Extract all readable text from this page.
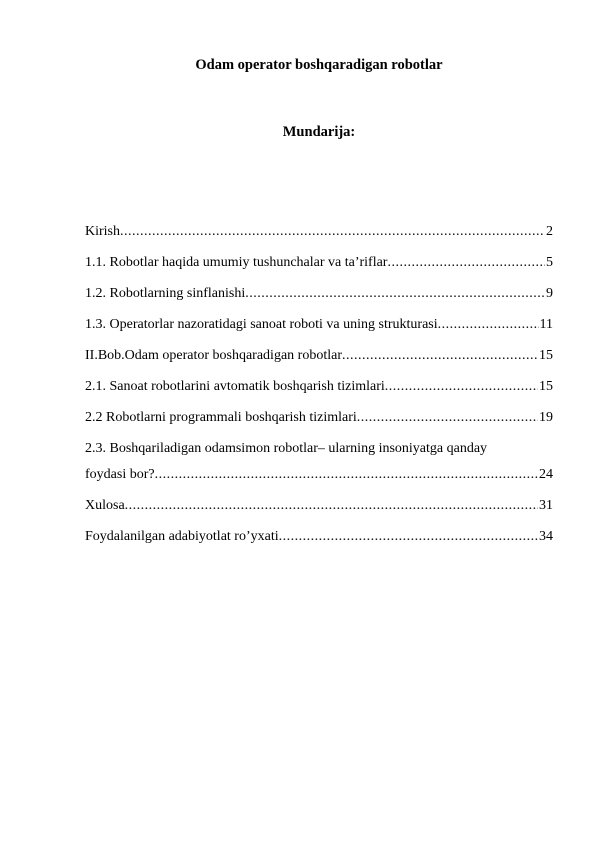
Odam operator boshqaradigan robotlar
Mundarija:
Kirish .....	2
1.1. Robotlar haqida umumiy tushunchalar va ta’riflar .....	5
1.2. Robotlarning sinflanishi .....	9
1.3. Operatorlar nazoratidagi sanoat roboti va uning strukturasi .....	11
II.Bob.Odam operator boshqaradigan robotlar .....	15
2.1. Sanoat robotlarini avtomatik boshqarish tizimlari .....	15
2.2 Robotlarni programmali boshqarish tizimlari .....	19
2.3. Boshqariladigan odamsimon robotlar– ularning insoniyatga qanday
foydasi bor? .....	24
Xulosa .....	31
Foydalanilgan adabiyotlat ro’yxati .....	34
